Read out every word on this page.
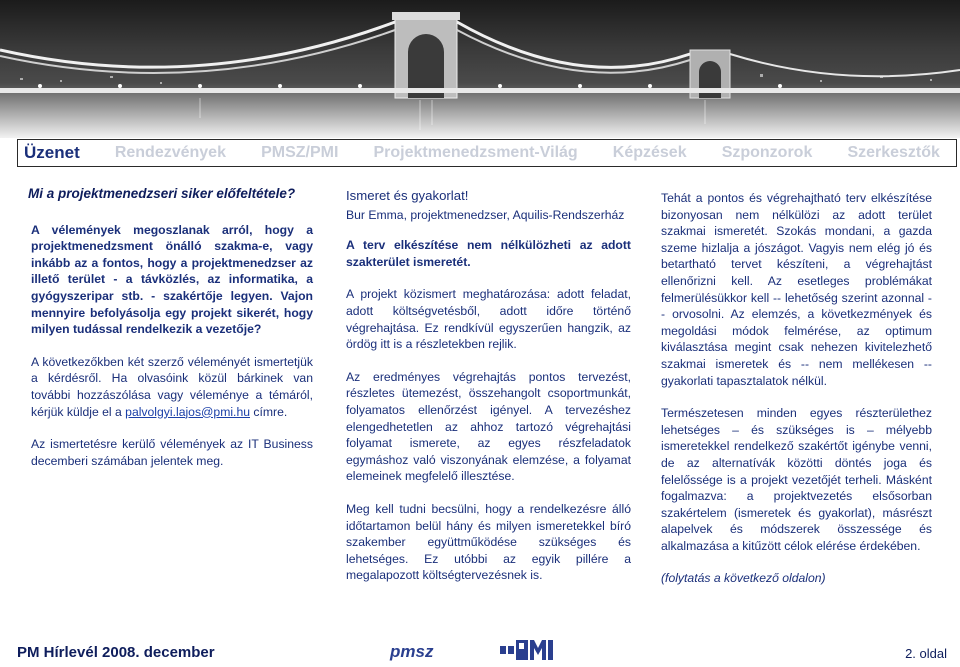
Üzenet Rendezvények PMSZ/PMI Projektmenedzsment-Világ Képzések Szponzorok Szerkesztők
Mi a projektmenedzseri siker előfeltétele?

A vélemények megoszlanak arról, hogy a projektmenedzsment önálló szakma-e, vagy inkább az a fontos, hogy a projektmenedzser az illető terület - a távközlés, az informatika, a gyógyszeripar stb. - szakértője legyen. Vajon mennyire befolyásolja egy projekt sikerét, hogy milyen tudással rendelkezik a vezetője?

A következőkben két szerző véleményét ismertetjük a kérdésről. Ha olvasóink közül bárkinek van további hozzászólása vagy véleménye a témáról, kérjük küldje el a palvolgyi.lajos@pmi.hu címre.

Az ismertetésre kerülő vélemények az IT Business decemberi számában jelentek meg.

Ismeret és gyakorlat!

Bur Emma, projektmenedzser, Aquilis-Rendszerház

A terv elkészítése nem nélkülözheti az adott szakterület ismeretét.

A projekt közismert meghatározása: adott feladat, adott költségvetésből, adott időre történő végrehajtása. Ez rendkívül egyszerűen hangzik, az ördög itt is a részletekben rejlik.

Az eredményes végrehajtás pontos tervezést, részletes ütemezést, összehangolt csoportmunkát, folyamatos ellenőrzést igényel. A tervezéshez elengedhetetlen az ahhoz tartozó végrehajtási folyamat ismerete, az egyes részfeladatok egymáshoz való viszonyának elemzése, a folyamat elemeinek megfelelő illesztése.

Meg kell tudni becsülni, hogy a rendelkezésre álló időtartamon belül hány és milyen ismeretekkel bíró szakember együttműködése szükséges és lehetséges. Ez utóbbi az egyik pillére a megalapozott költségtervezésnek is.

Tehát a pontos és végrehajtható terv elkészítése bizonyosan nem nélkülözi az adott terület szakmai ismeretét. Szokás mondani, a gazda szeme hizlalja a jószágot. Vagyis nem elég jó és betartható tervet készíteni, a végrehajtást ellenőrizni kell. Az esetleges problémákat felmerülésükkor kell -- lehetőség szerint azonnal -- orvosolni. Az elemzés, a következmények és megoldási módok felmérése, az optimum kiválasztása megint csak nehezen kivitelezhető szakmai ismeretek és -- nem mellékesen -- gyakorlati tapasztalatok nélkül.

Természetesen minden egyes részterülethez lehetséges – és szükséges is – mélyebb ismeretekkel rendelkező szakértőt igénybe venni, de az alternatívák közötti döntés joga és felelőssége is a projekt vezetőjét terheli. Másként fogalmazva: a projektvezetés elsősorban szakértelem (ismeretek és gyakorlat), másrészt alapelvek és módszerek összessége és alkalmazása a kitűzött célok elérése érdekében.

(folytatás a következő oldalon)

PM Hírlevél 2008. december	pmsz	2. oldal
